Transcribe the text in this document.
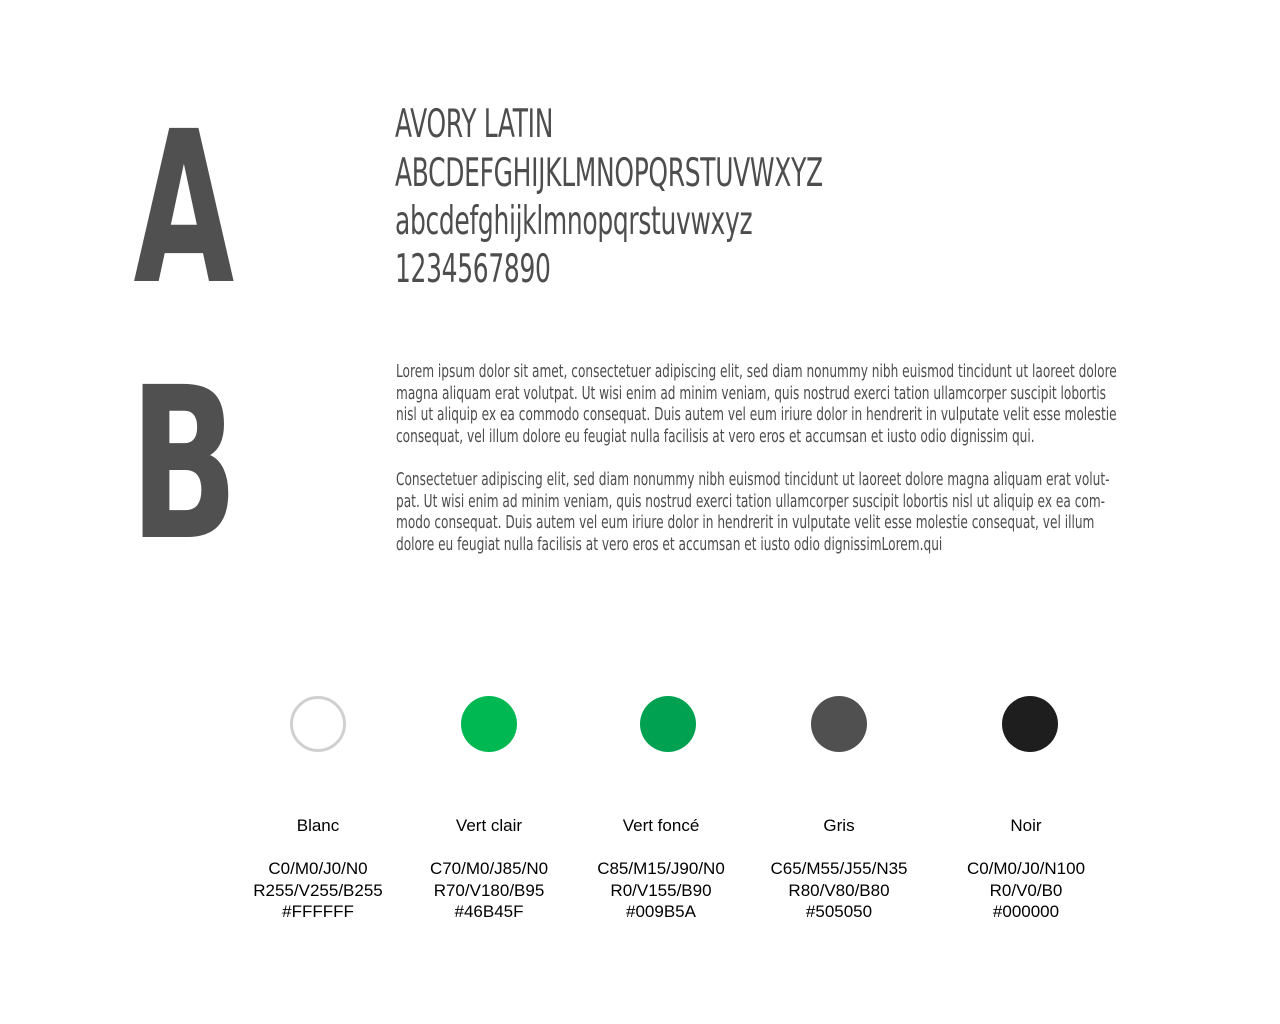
A
B
AVORY LATIN
ABCDEFGHIJKLMNOPQRSTUVWXYZ
abcdefghijklmnopqrstuvwxyz
1234567890
Lorem ipsum dolor sit amet, consectetuer adipiscing elit, sed diam nonummy nibh euismod tincidunt ut laoreet dolore
magna aliquam erat volutpat. Ut wisi enim ad minim veniam, quis nostrud exerci tation ullamcorper suscipit lobortis
nisl ut aliquip ex ea commodo consequat. Duis autem vel eum iriure dolor in hendrerit in vulputate velit esse molestie
consequat, vel illum dolore eu feugiat nulla facilisis at vero eros et accumsan et iusto odio dignissim qui.
Consectetuer adipiscing elit, sed diam nonummy nibh euismod tincidunt ut laoreet dolore magna aliquam erat volut-
pat. Ut wisi enim ad minim veniam, quis nostrud exerci tation ullamcorper suscipit lobortis nisl ut aliquip ex ea com-
modo consequat. Duis autem vel eum iriure dolor in hendrerit in vulputate velit esse molestie consequat, vel illum
dolore eu feugiat nulla facilisis at vero eros et accumsan et iusto odio dignissimLorem.qui
Blanc
C0/M0/J0/N0
R255/V255/B255
#FFFFFF
Vert clair
C70/M0/J85/N0
R70/V180/B95
#46B45F
Vert foncé
C85/M15/J90/N0
R0/V155/B90
#009B5A
Gris
C65/M55/J55/N35
R80/V80/B80
#505050
Noir
C0/M0/J0/N100
R0/V0/B0
#000000
